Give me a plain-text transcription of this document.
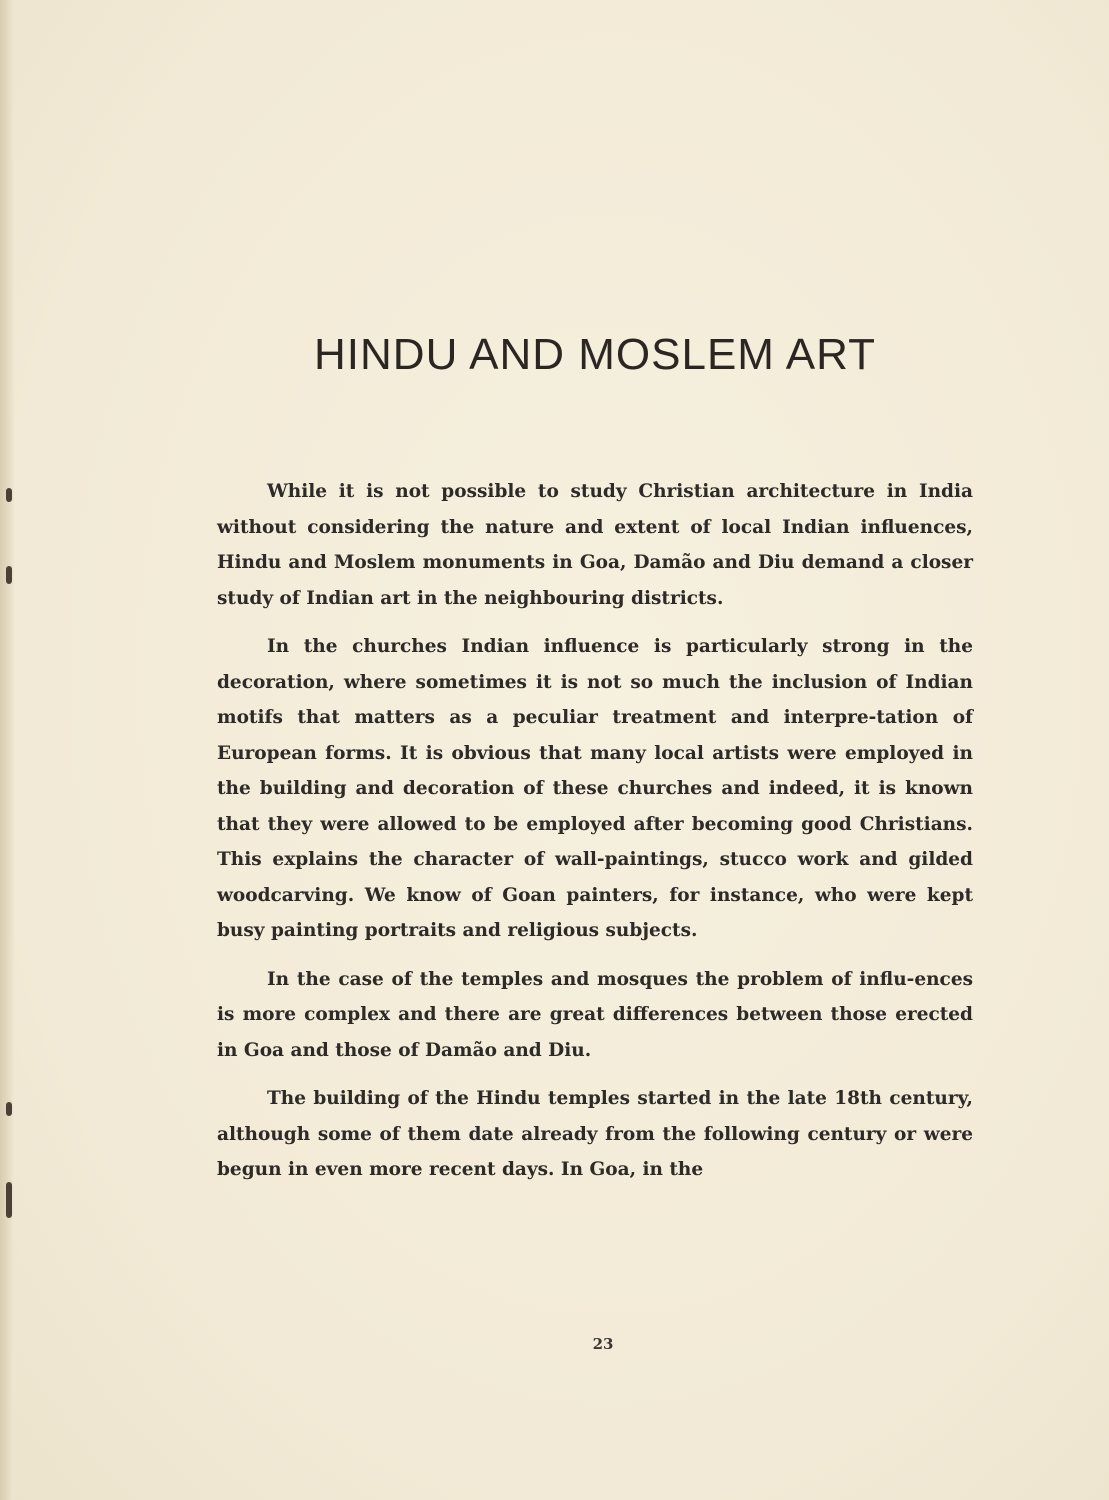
HINDU AND MOSLEM ART

While it is not possible to study Christian architecture in India without considering the nature and extent of local Indian influences, Hindu and Moslem monuments in Goa, Damão and Diu demand a closer study of Indian art in the neighbouring districts.

In the churches Indian influence is particularly strong in the decoration, where sometimes it is not so much the inclusion of Indian motifs that matters as a peculiar treatment and interpre-tation of European forms. It is obvious that many local artists were employed in the building and decoration of these churches and indeed, it is known that they were allowed to be employed after becoming good Christians. This explains the character of wall-paintings, stucco work and gilded woodcarving. We know of Goan painters, for instance, who were kept busy painting portraits and religious subjects.

In the case of the temples and mosques the problem of influ-ences is more complex and there are great differences between those erected in Goa and those of Damão and Diu.

The building of the Hindu temples started in the late 18th century, although some of them date already from the following century or were begun in even more recent days. In Goa, in the

23
